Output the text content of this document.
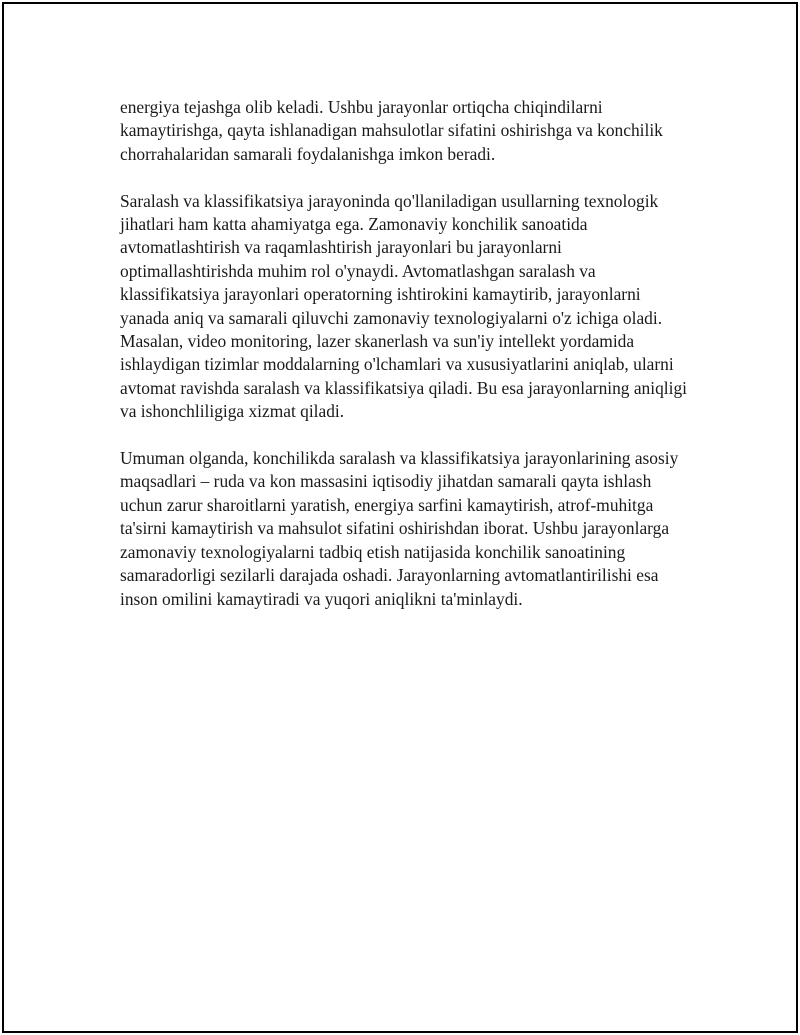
energiya tejashga olib keladi. Ushbu jarayonlar ortiqcha chiqindilarni kamaytirishga, qayta ishlanadigan mahsulotlar sifatini oshirishga va konchilik chorrahalaridan samarali foydalanishga imkon beradi.

Saralash va klassifikatsiya jarayoninda qo'llaniladigan usullarning texnologik jihatlari ham katta ahamiyatga ega. Zamonaviy konchilik sanoatida avtomatlashtirish va raqamlashtirish jarayonlari bu jarayonlarni optimallashtirishda muhim rol o'ynaydi. Avtomatlashgan saralash va klassifikatsiya jarayonlari operatorning ishtirokini kamaytirib, jarayonlarni yanada aniq va samarali qiluvchi zamonaviy texnologiyalarni o'z ichiga oladi. Masalan, video monitoring, lazer skanerlash va sun'iy intellekt yordamida ishlaydigan tizimlar moddalarning o'lchamlari va xususiyatlarini aniqlab, ularni avtomat ravishda saralash va klassifikatsiya qiladi. Bu esa jarayonlarning aniqligi va ishonchliligiga xizmat qiladi.

Umuman olganda, konchilikda saralash va klassifikatsiya jarayonlarining asosiy maqsadlari – ruda va kon massasini iqtisodiy jihatdan samarali qayta ishlash uchun zarur sharoitlarni yaratish, energiya sarfini kamaytirish, atrof-muhitga ta'sirni kamaytirish va mahsulot sifatini oshirishdan iborat. Ushbu jarayonlarga zamonaviy texnologiyalarni tadbiq etish natijasida konchilik sanoatining samaradorligi sezilarli darajada oshadi. Jarayonlarning avtomatlantirilishi esa inson omilini kamaytiradi va yuqori aniqlikni ta'minlaydi.
